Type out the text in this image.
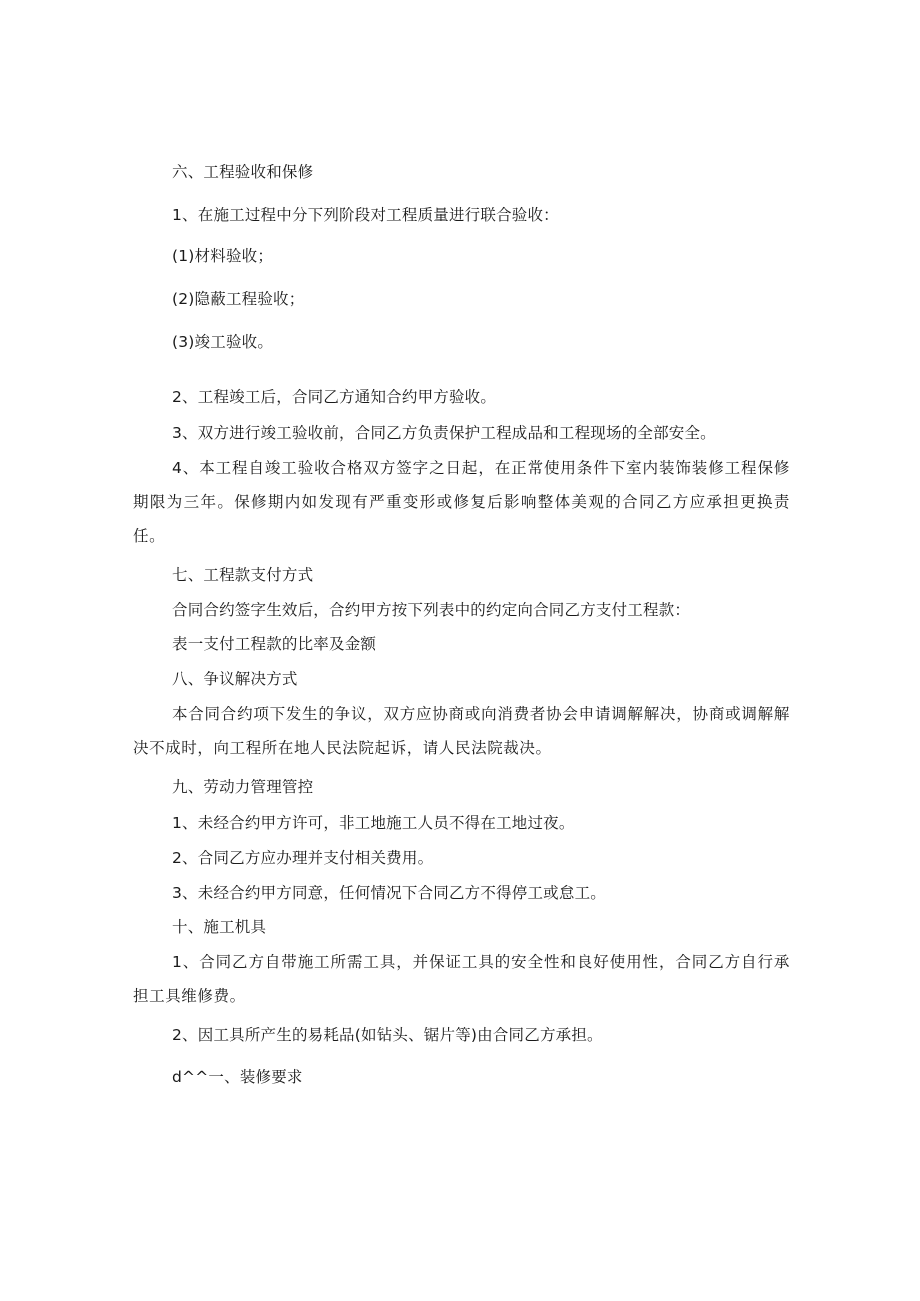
六、工程验收和保修
1、在施工过程中分下列阶段对工程质量进行联合验收：
(1)材料验收；
(2)隐蔽工程验收；
(3)竣工验收。
2、工程竣工后，合同乙方通知合约甲方验收。
3、双方进行竣工验收前，合同乙方负责保护工程成品和工程现场的全部安全。
4、本工程自竣工验收合格双方签字之日起，在正常使用条件下室内装饰装修工程保修期限为三年。保修期内如发现有严重变形或修复后影响整体美观的合同乙方应承担更换责任。
七、工程款支付方式
合同合约签字生效后，合约甲方按下列表中的约定向合同乙方支付工程款：
表一支付工程款的比率及金额
八、争议解决方式
本合同合约项下发生的争议，双方应协商或向消费者协会申请调解解决，协商或调解解决不成时，向工程所在地人民法院起诉，请人民法院裁决。
九、劳动力管理管控
1、未经合约甲方许可，非工地施工人员不得在工地过夜。
2、合同乙方应办理并支付相关费用。
3、未经合约甲方同意，任何情况下合同乙方不得停工或怠工。
十、施工机具
1、合同乙方自带施工所需工具，并保证工具的安全性和良好使用性，合同乙方自行承担工具维修费。
2、因工具所产生的易耗品(如钻头、锯片等)由合同乙方承担。
d^^一、装修要求
